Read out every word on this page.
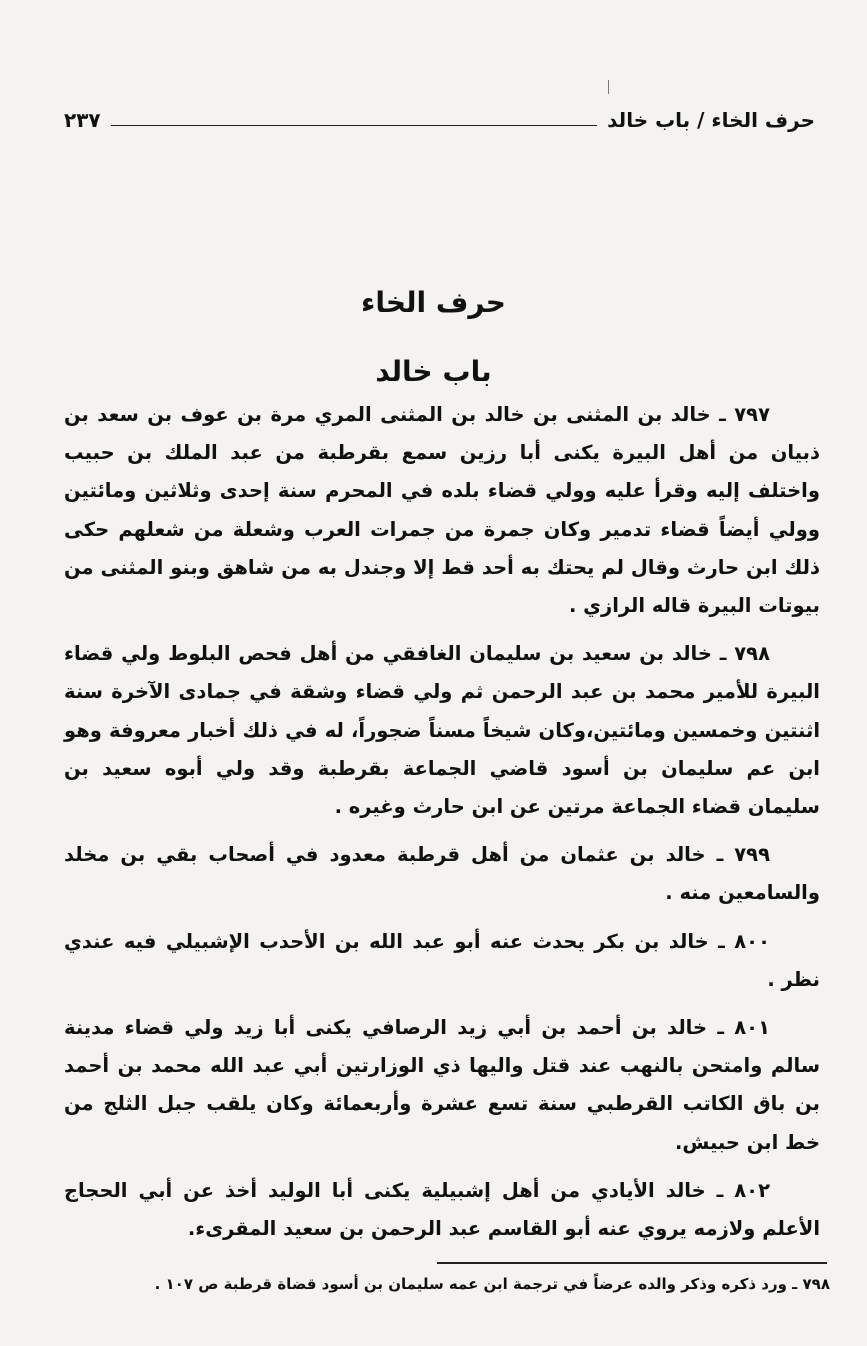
حرف الخاء / باب خالد
٢٣٧
حرف الخاء
باب خالد

٧٩٧ ـ خالد بن المثنى بن خالد بن المثنى المري مرة بن عوف بن سعد بن ذبيان من أهل البيرة يكنى أبا رزين سمع بقرطبة من عبد الملك بن حبيب واختلف إليه وقرأ عليه وولي قضاء بلده في المحرم سنة إحدى وثلاثين ومائتين وولي أيضاً قضاء تدمير وكان جمرة من جمرات العرب وشعلة من شعلهم حكى ذلك ابن حارث وقال لم يحتك به أحد قط إلا وجندل به من شاهق وبنو المثنى من بيوتات البيرة قاله الرازي .

٧٩٨ ـ خالد بن سعيد بن سليمان الغافقي من أهل فحص البلوط ولي قضاء البيرة للأمير محمد بن عبد الرحمن ثم ولي قضاء وشقة في جمادى الآخرة سنة اثنتين وخمسين ومائتين،وكان شيخاً مسناً ضجوراً، له في ذلك أخبار معروفة وهو ابن عم سليمان بن أسود قاضي الجماعة بقرطبة وقد ولي أبوه سعيد بن سليمان قضاء الجماعة مرتين عن ابن حارث وغيره .

٧٩٩ ـ خالد بن عثمان من أهل قرطبة معدود في أصحاب بقي بن مخلد والسامعين منه .

٨٠٠ ـ خالد بن بكر يحدث عنه أبو عبد الله بن الأحدب الإشبيلي فيه عندي نظر .

٨٠١ ـ خالد بن أحمد بن أبي زيد الرصافي يكنى أبا زيد ولي قضاء مدينة سالم وامتحن بالنهب عند قتل واليها ذي الوزارتين أبي عبد الله محمد بن أحمد بن باق الكاتب القرطبي سنة تسع عشرة وأربعمائة وكان يلقب جبل الثلج من خط ابن حبيش.

٨٠٢ ـ خالد الأيادي من أهل إشبيلية يكنى أبا الوليد أخذ عن أبي الحجاج الأعلم ولازمه يروي عنه أبو القاسم عبد الرحمن بن سعيد المقرىء.

٧٩٨ ـ ورد ذكره وذكر والده عرضاً في ترجمة ابن عمه سليمان بن أسود قضاة قرطبة ص ١٠٧ .
